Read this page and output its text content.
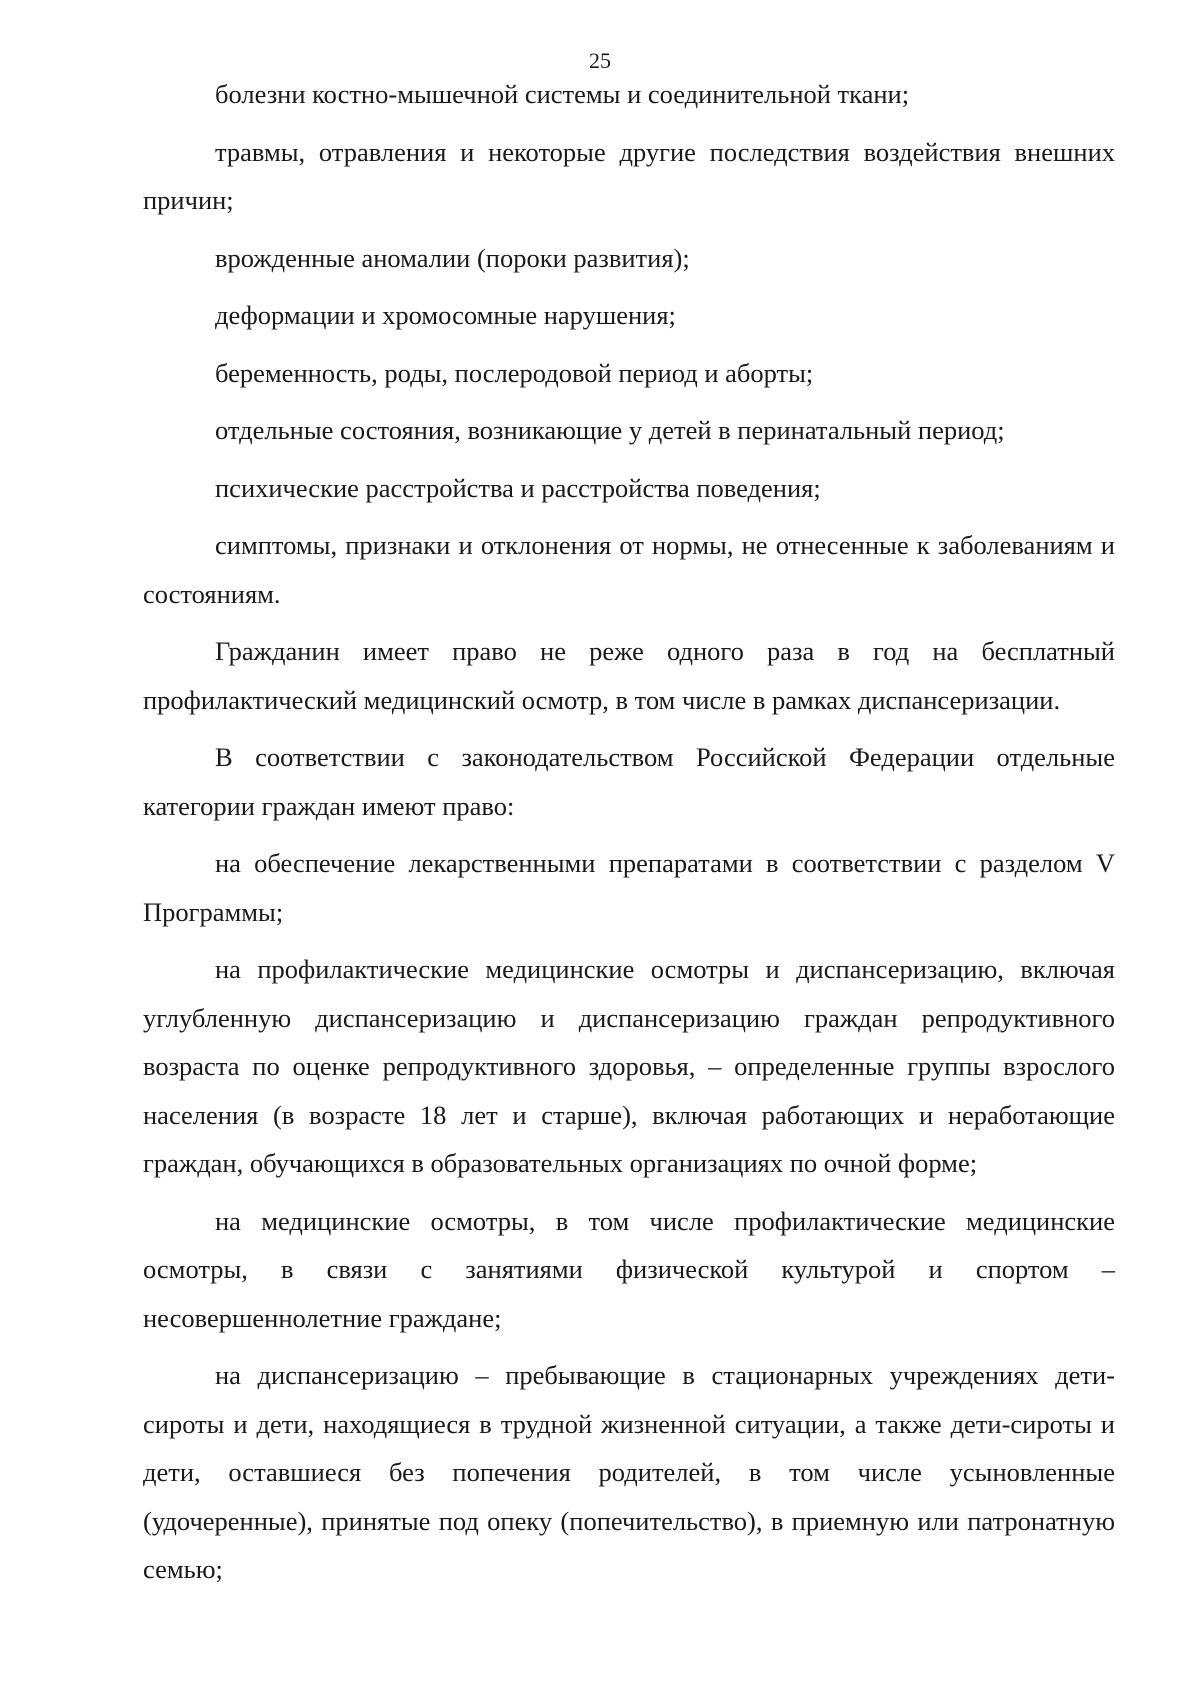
25

болезни костно-мышечной системы и соединительной ткани;

травмы, отравления и некоторые другие последствия воздействия внешних причин;

врожденные аномалии (пороки развития);

деформации и хромосомные нарушения;

беременность, роды, послеродовой период и аборты;

отдельные состояния, возникающие у детей в перинатальный период;

психические расстройства и расстройства поведения;

симптомы, признаки и отклонения от нормы, не отнесенные к заболеваниям и состояниям.

Гражданин имеет право не реже одного раза в год на бесплатный профилактический медицинский осмотр, в том числе в рамках диспансеризации.

В соответствии с законодательством Российской Федерации отдельные категории граждан имеют право:

на обеспечение лекарственными препаратами в соответствии с разделом V Программы;

на профилактические медицинские осмотры и диспансеризацию, включая углубленную диспансеризацию и диспансеризацию граждан репродуктивного возраста по оценке репродуктивного здоровья, – определенные группы взрослого населения (в возрасте 18 лет и старше), включая работающих и неработающие граждан, обучающихся в образовательных организациях по очной форме;

на медицинские осмотры, в том числе профилактические медицинские осмотры, в связи с занятиями физической культурой и спортом – несовершеннолетние граждане;

на диспансеризацию – пребывающие в стационарных учреждениях дети-сироты и дети, находящиеся в трудной жизненной ситуации, а также дети-сироты и дети, оставшиеся без попечения родителей, в том числе усыновленные (удочеренные), принятые под опеку (попечительство), в приемную или патронатную семью;
